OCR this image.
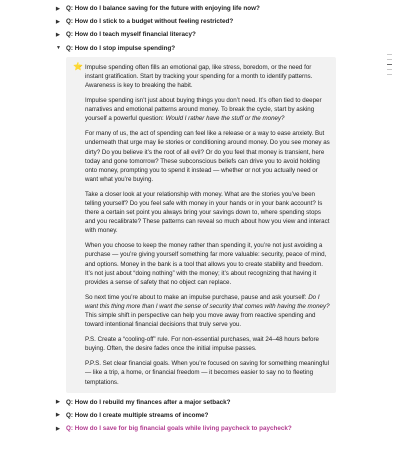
▶ Q: How do I balance saving for the future with enjoying life now?
▶ Q: How do I stick to a budget without feeling restricted?
▶ Q: How do I teach myself financial literacy?
▼ Q: How do I stop impulse spending?
⭐ Impulse spending often fills an emotional gap, like stress, boredom, or the need for instant gratification. Start by tracking your spending for a month to identify patterns. Awareness is key to breaking the habit.

Impulse spending isn’t just about buying things you don’t need. It’s often tied to deeper narratives and emotional patterns around money. To break the cycle, start by asking yourself a powerful question: Would I rather have the stuff or the money?

For many of us, the act of spending can feel like a release or a way to ease anxiety. But underneath that urge may lie stories or conditioning around money. Do you see money as dirty? Do you believe it’s the root of all evil? Or do you feel that money is transient, here today and gone tomorrow? These subconscious beliefs can drive you to avoid holding onto money, prompting you to spend it instead — whether or not you actually need or want what you’re buying.

Take a closer look at your relationship with money. What are the stories you’ve been telling yourself? Do you feel safe with money in your hands or in your bank account? Is there a certain set point you always bring your savings down to, where spending stops and you recalibrate? These patterns can reveal so much about how you view and interact with money.

When you choose to keep the money rather than spending it, you’re not just avoiding a purchase — you’re giving yourself something far more valuable: security, peace of mind, and options. Money in the bank is a tool that allows you to create stability and freedom. It’s not just about “doing nothing” with the money; it’s about recognizing that having it provides a sense of safety that no object can replace.

So next time you’re about to make an impulse purchase, pause and ask yourself: Do I want this thing more than I want the sense of security that comes with having the money? This simple shift in perspective can help you move away from reactive spending and toward intentional financial decisions that truly serve you.

P.S. Create a “cooling-off” rule. For non-essential purchases, wait 24–48 hours before buying. Often, the desire fades once the initial impulse passes.

P.P.S. Set clear financial goals. When you’re focused on saving for something meaningful — like a trip, a home, or financial freedom — it becomes easier to say no to fleeting temptations.

▶ Q: How do I rebuild my finances after a major setback?
▶ Q: How do I create multiple streams of income?
▶ Q: How do I save for big financial goals while living paycheck to paycheck?
